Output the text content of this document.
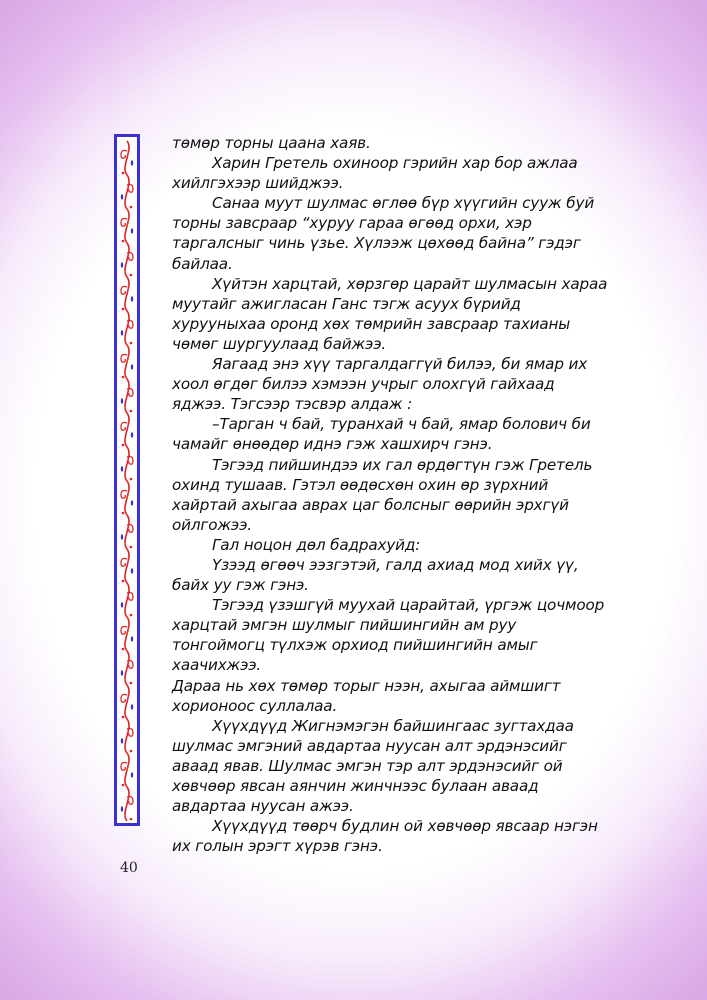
төмөр торны цаана хаяв.

Харин Гретель охиноор гэрийн хар бор ажлаа хийлгэхээр шийджээ.

Санаа муут шулмас өглөө бүр хүүгийн сууж буй торны завсраар “хуруу гараа өгөөд орхи, хэр таргалсныг чинь үзье. Хүлээж цөхөөд байна” гэдэг байлаа.

Хүйтэн харцтай, хөрзгөр царайт шулмасын хараа муутайг ажигласан Ганс тэгж асуух бүрийд хурууныхаа оронд хөх төмрийн завсраар тахианы чөмөг шургуулаад байжээ.

Яагаад энэ хүү таргалдаггүй билээ, би ямар их хоол өгдөг билээ хэмээн учрыг олохгүй гайхаад яджээ. Тэгсээр тэсвэр алдаж :

–Тарган ч бай, туранхай ч бай, ямар болович би чамайг өнөөдөр иднэ гэж хашхирч гэнэ.

Тэгээд пийшиндээ их гал өрдөгтүн гэж Гретель охинд тушаав. Гэтэл өөдөсхөн охин өр зүрхний хайртай ахыгаа аврах цаг болсныг өөрийн эрхгүй ойлгожээ.

Гал ноцон дөл бадрахуйд:

Үзээд өгөөч ээзгэтэй, галд ахиад мод хийх үү, байх уу гэж гэнэ.

Тэгээд үзэшгүй муухай царайтай, үргэж цочмоор харцтай эмгэн шулмыг пийшингийн ам руу тонгоймогц түлхэж орхиод пийшингийн амыг хаачихжээ.

Дараа нь хөх төмөр торыг нээн, ахыгаа аймшигт хорионоос суллалаа.

Хүүхдүүд Жигнэмэгэн байшингаас зугтахдаа шулмас эмгэний авдартаа нуусан алт эрдэнэсийг аваад явав. Шулмас эмгэн тэр алт эрдэнэсийг ой хөвчөөр явсан аянчин жинчнээс булаан аваад авдартаа нуусан ажээ.

Хүүхдүүд төөрч будлин ой хөвчөөр явсаар нэгэн их голын эрэгт хүрэв гэнэ.

40
